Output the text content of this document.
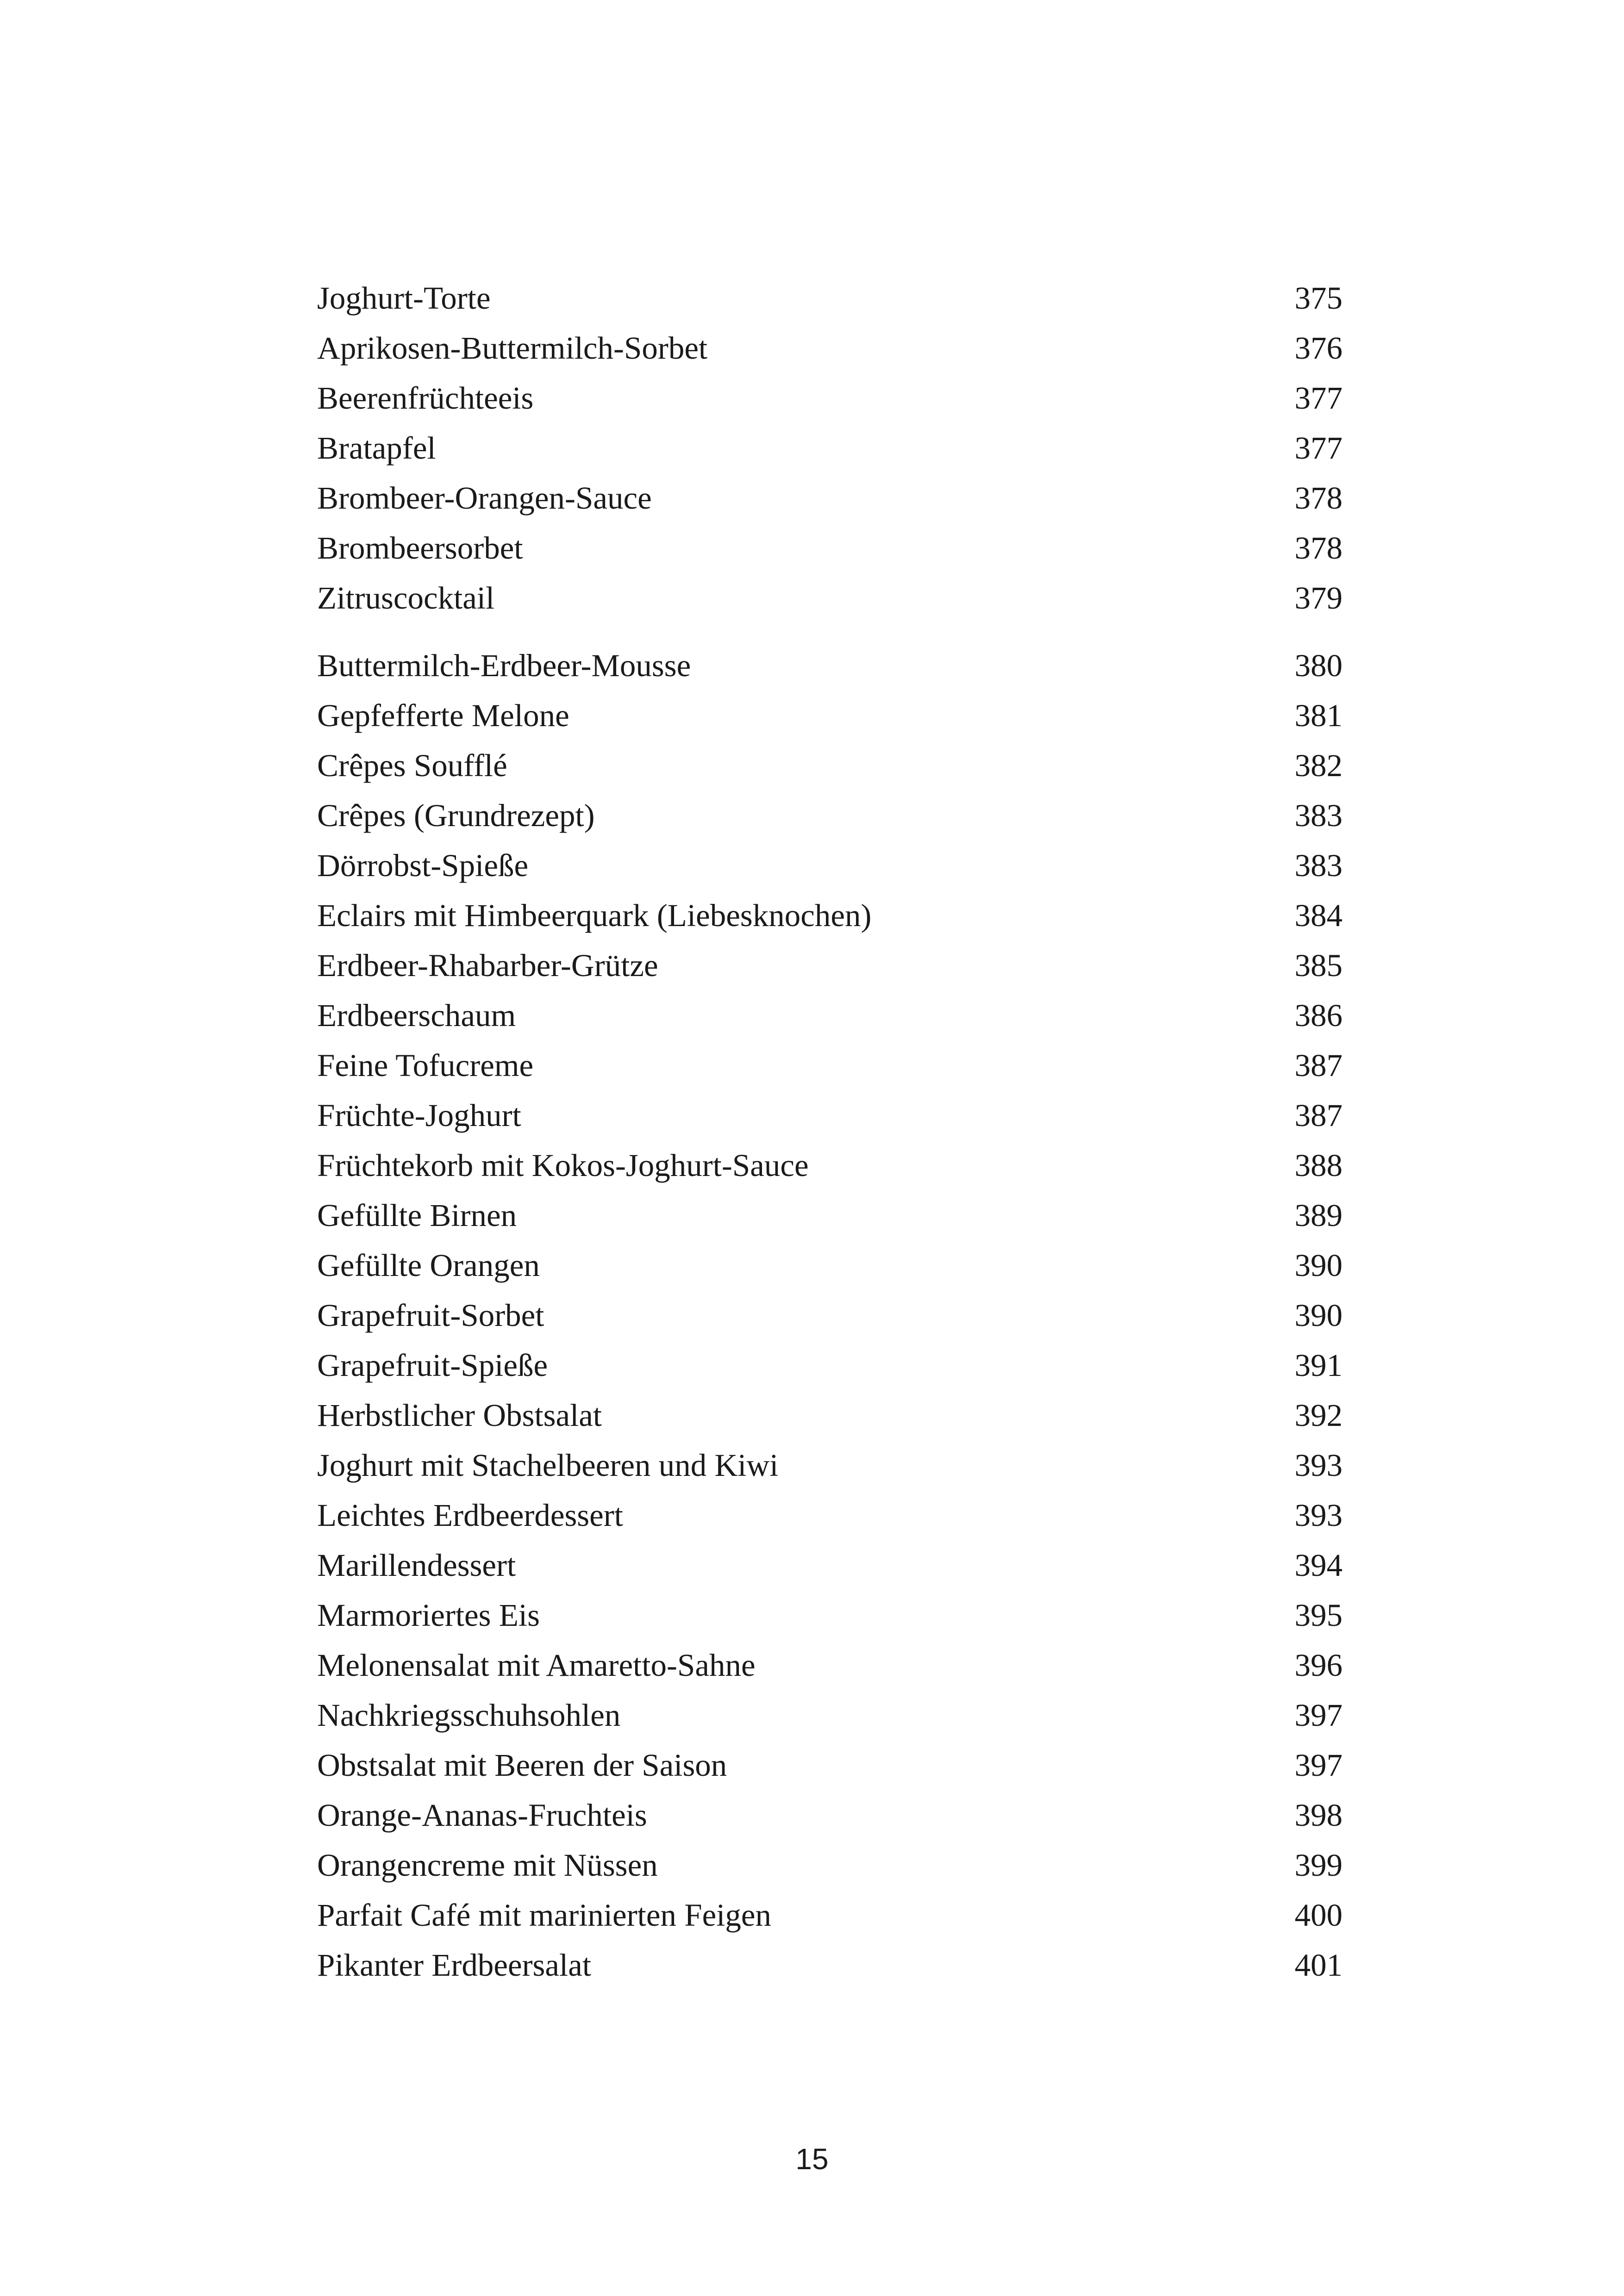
Joghurt-Torte	375
Aprikosen-Buttermilch-Sorbet	376
Beerenfrüchteeis	377
Bratapfel	377
Brombeer-Orangen-Sauce	378
Brombeersorbet	378
Zitruscocktail	379
Buttermilch-Erdbeer-Mousse	380
Gepfefferte Melone	381
Crêpes Soufflé	382
Crêpes (Grundrezept)	383
Dörrobst-Spieße	383
Eclairs mit Himbeerquark (Liebesknochen)	384
Erdbeer-Rhabarber-Grütze	385
Erdbeerschaum	386
Feine Tofucreme	387
Früchte-Joghurt	387
Früchtekorb mit Kokos-Joghurt-Sauce	388
Gefüllte Birnen	389
Gefüllte Orangen	390
Grapefruit-Sorbet	390
Grapefruit-Spieße	391
Herbstlicher Obstsalat	392
Joghurt mit Stachelbeeren und Kiwi	393
Leichtes Erdbeerdessert	393
Marillendessert	394
Marmoriertes Eis	395
Melonensalat mit Amaretto-Sahne	396
Nachkriegsschuhsohlen	397
Obstsalat mit Beeren der Saison	397
Orange-Ananas-Fruchteis	398
Orangencreme mit Nüssen	399
Parfait Café mit marinierten Feigen	400
Pikanter Erdbeersalat	401
15
